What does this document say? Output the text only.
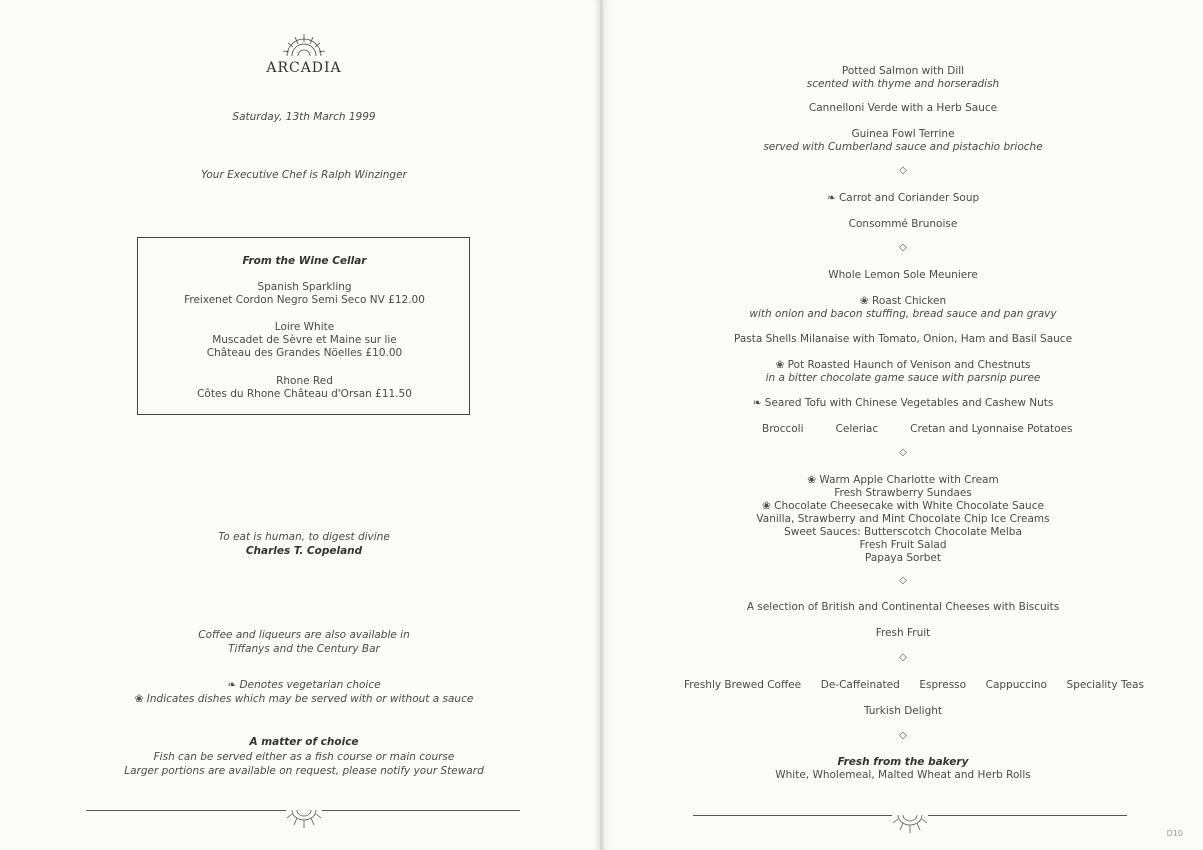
ARCADIA
Saturday, 13th March 1999
Your Executive Chef is Ralph Winzinger
From the Wine Cellar
Spanish Sparkling
Freixenet Cordon Negro Semi Seco NV £12.00
Loire White
Muscadet de Sèvre et Maine sur lie
Château des Grandes Nöelles £10.00
Rhone Red
Côtes du Rhone Château d'Orsan £11.50
To eat is human, to digest divine
Charles T. Copeland
Coffee and liqueurs are also available in
Tiffanys and the Century Bar
❧ Denotes vegetarian choice
❀ Indicates dishes which may be served with or without a sauce
A matter of choice
Fish can be served either as a fish course or main course
Larger portions are available on request, please notify your Steward
Potted Salmon with Dill
scented with thyme and horseradish
Cannelloni Verde with a Herb Sauce
Guinea Fowl Terrine
served with Cumberland sauce and pistachio brioche
◇
❧ Carrot and Coriander Soup
Consommé Brunoise
◇
Whole Lemon Sole Meuniere
❀ Roast Chicken
with onion and bacon stuffing, bread sauce and pan gravy
Pasta Shells Milanaise with Tomato, Onion, Ham and Basil Sauce
❀ Pot Roasted Haunch of Venison and Chestnuts
in a bitter chocolate game sauce with parsnip puree
❧ Seared Tofu with Chinese Vegetables and Cashew Nuts
Broccoli	Celeriac	Cretan and Lyonnaise Potatoes
◇
❀ Warm Apple Charlotte with Cream
Fresh Strawberry Sundaes
❀ Chocolate Cheesecake with White Chocolate Sauce
Vanilla, Strawberry and Mint Chocolate Chip Ice Creams
Sweet Sauces: Butterscotch Chocolate Melba
Fresh Fruit Salad
Papaya Sorbet
◇
A selection of British and Continental Cheeses with Biscuits
Fresh Fruit
◇
Freshly Brewed Coffee De-Caffeinated Espresso Cappuccino Speciality Teas
Turkish Delight
◇
Fresh from the bakery
White, Wholemeal, Malted Wheat and Herb Rolls
D10
